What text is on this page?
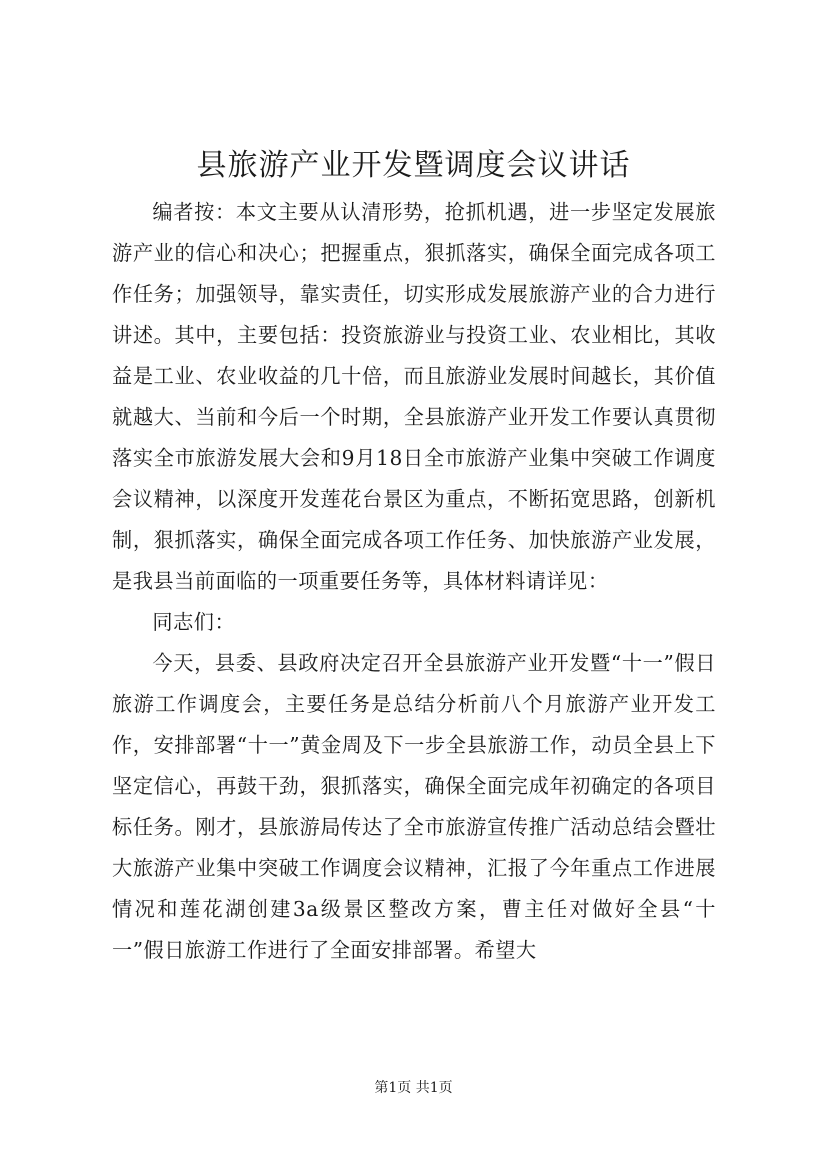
县旅游产业开发暨调度会议讲话

编者按：本文主要从认清形势，抢抓机遇，进一步坚定发展旅游产业的信心和决心；把握重点，狠抓落实，确保全面完成各项工作任务；加强领导，靠实责任，切实形成发展旅游产业的合力进行讲述。其中，主要包括：投资旅游业与投资工业、农业相比，其收益是工业、农业收益的几十倍，而且旅游业发展时间越长，其价值就越大、当前和今后一个时期，全县旅游产业开发工作要认真贯彻落实全市旅游发展大会和9月18日全市旅游产业集中突破工作调度会议精神，以深度开发莲花台景区为重点，不断拓宽思路，创新机制，狠抓落实，确保全面完成各项工作任务、加快旅游产业发展，是我县当前面临的一项重要任务等，具体材料请详见：

同志们：

今天，县委、县政府决定召开全县旅游产业开发暨“十一”假日旅游工作调度会，主要任务是总结分析前八个月旅游产业开发工作，安排部署“十一”黄金周及下一步全县旅游工作，动员全县上下坚定信心，再鼓干劲，狠抓落实，确保全面完成年初确定的各项目标任务。刚才，县旅游局传达了全市旅游宣传推广活动总结会暨壮大旅游产业集中突破工作调度会议精神，汇报了今年重点工作进展情况和莲花湖创建3a级景区整改方案，曹主任对做好全县“十一”假日旅游工作进行了全面安排部署。希望大

第1页 共1页
